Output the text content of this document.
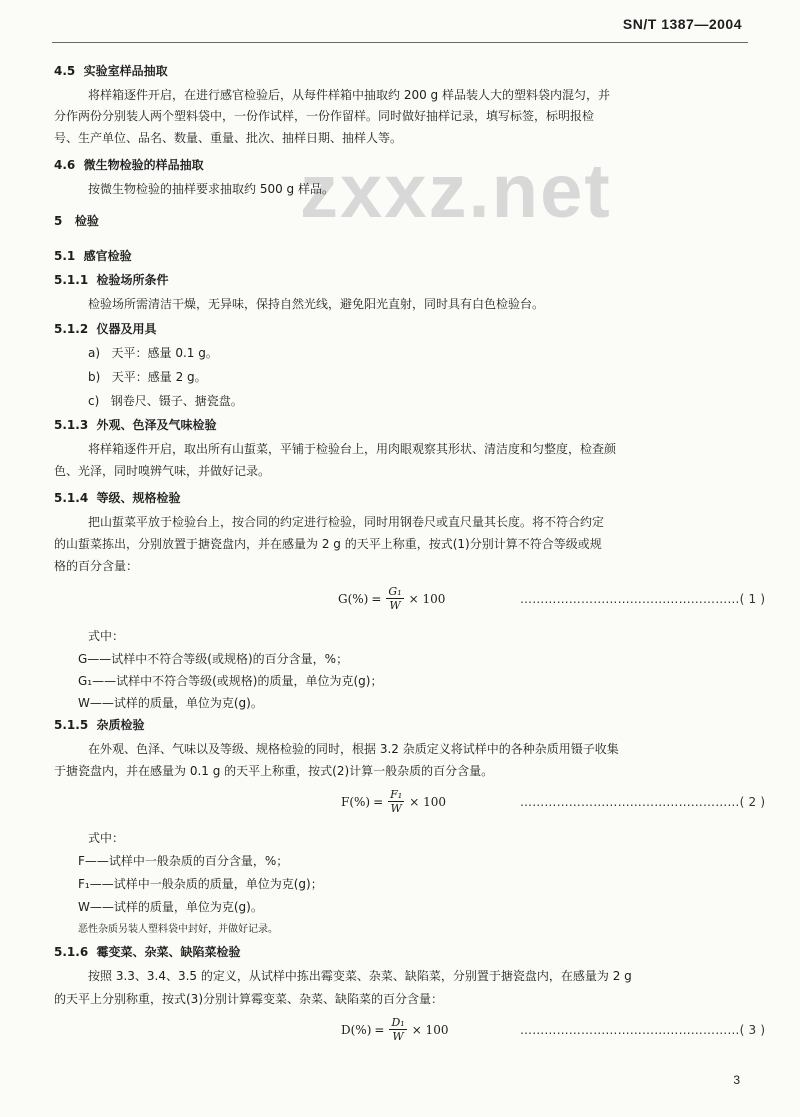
SN/T 1387—2004
zxxz.net
4.5 实验室样品抽取
将样箱逐件开启，在进行感官检验后，从每件样箱中抽取约 200 g 样品装人大的塑料袋内混匀，并
分作两份分别装人两个塑料袋中，一份作试样，一份作留样。同时做好抽样记录，填写标签，标明报检
号、生产单位、品名、数量、重量、批次、抽样日期、抽样人等。
4.6 微生物检验的样品抽取
按微生物检验的抽样要求抽取约 500 g 样品。
5 检验
5.1 感官检验
5.1.1 检验场所条件
检验场所需清洁干燥，无异味，保持自然光线，避免阳光直射，同时具有白色检验台。
5.1.2 仪器及用具
a) 天平：感量 0.1 g。
b) 天平：感量 2 g。
c) 钢卷尺、镊子、搪瓷盘。
5.1.3 外观、色泽及气味检验
将样箱逐件开启，取出所有山蜇菜，平铺于检验台上，用肉眼观察其形状、清洁度和匀整度，检查颜
色、光泽，同时嗅辨气味，并做好记录。
5.1.4 等级、规格检验
把山蜇菜平放于检验台上，按合同的约定进行检验，同时用钢卷尺或直尺量其长度。将不符合约定
的山蜇菜拣出，分别放置于搪瓷盘内，并在感量为 2 g 的天平上称重，按式(1)分别计算不符合等级或规
格的百分含量：
$G(\%) = \frac{\text{G₁}}{W} \times 100$	………………………………………………( 1 )
式中：
G——试样中不符合等级(或规格)的百分含量，%；
G₁——试样中不符合等级(或规格)的质量，单位为克(g)；
W——试样的质量，单位为克(g)。
5.1.5 杂质检验
在外观、色泽、气味以及等级、规格检验的同时，根据 3.2 杂质定义将试样中的各种杂质用镊子收集
于搪瓷盘内，并在感量为 0.1 g 的天平上称重，按式(2)计算一般杂质的百分含量。
$F(\%) = \frac{\text{F₁}}{W} \times 100$	………………………………………………( 2 )
式中：
F——试样中一般杂质的百分含量，%；
F₁——试样中一般杂质的质量，单位为克(g)；
W——试样的质量，单位为克(g)。
恶性杂质另装人塑料袋中封好，并做好记录。
5.1.6 霉变菜、杂菜、缺陷菜检验
按照 3.3、3.4、3.5 的定义，从试样中拣出霉变菜、杂菜、缺陷菜，分别置于搪瓷盘内，在感量为 2 g
的天平上分别称重，按式(3)分别计算霉变菜、杂菜、缺陷菜的百分含量：
$D(\%) = \frac{\text{D₁}}{W} \times 100$	………………………………………………( 3 )
3
